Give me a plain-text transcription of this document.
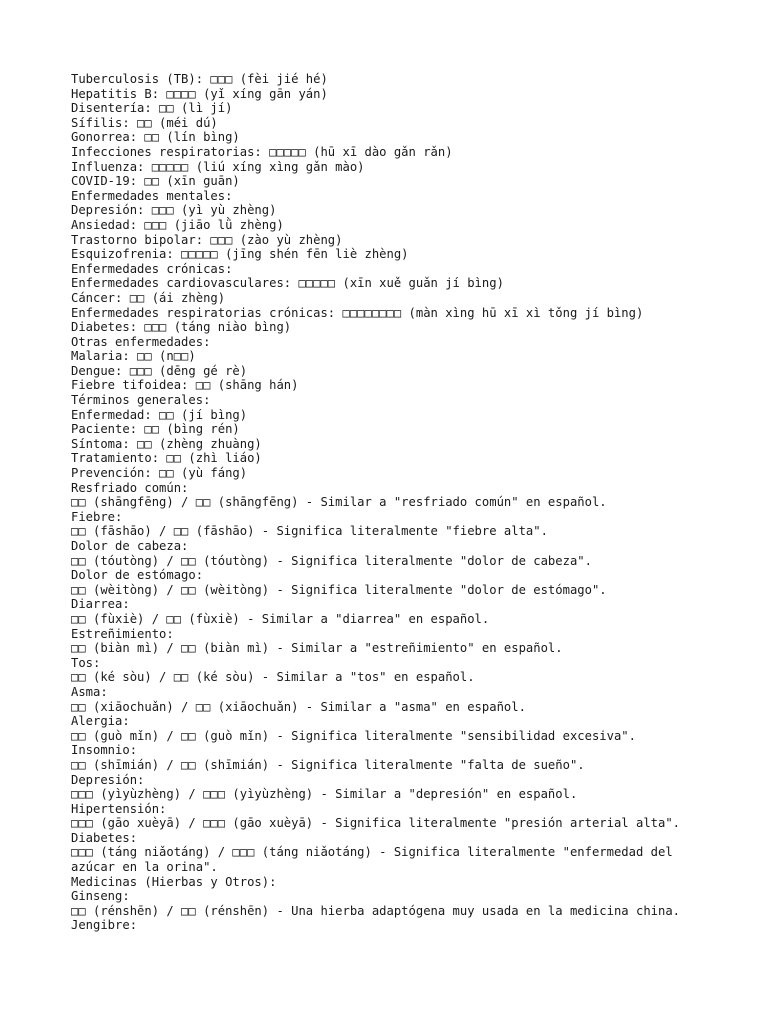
Tuberculosis (TB): □□□ (fèi jié hé)
Hepatitis B: □□□□ (yǐ xíng gān yán)
Disentería: □□ (lì jí)
Sífilis: □□ (méi dú)
Gonorrea: □□ (lín bìng)
Infecciones respiratorias: □□□□□ (hū xī dào gǎn rǎn)
Influenza: □□□□□ (liú xíng xìng gǎn mào)
COVID-19: □□ (xīn guān)
Enfermedades mentales:
Depresión: □□□ (yì yù zhèng)
Ansiedad: □□□ (jiāo lǜ zhèng)
Trastorno bipolar: □□□ (zào yù zhèng)
Esquizofrenia: □□□□□ (jīng shén fēn liè zhèng)
Enfermedades crónicas:
Enfermedades cardiovasculares: □□□□□ (xīn xuě guǎn jí bìng)
Cáncer: □□ (ái zhèng)
Enfermedades respiratorias crónicas: □□□□□□□□ (màn xìng hū xī xì tǒng jí bìng)
Diabetes: □□□ (táng niào bìng)
Otras enfermedades:
Malaria: □□ (n□□)
Dengue: □□□ (dēng gé rè)
Fiebre tifoidea: □□ (shāng hán)
Términos generales:
Enfermedad: □□ (jí bìng)
Paciente: □□ (bìng rén)
Síntoma: □□ (zhèng zhuàng)
Tratamiento: □□ (zhì liáo)
Prevención: □□ (yù fáng)
Resfriado común:
□□ (shāngfēng) / □□ (shāngfēng) - Similar a "resfriado común" en español.
Fiebre:
□□ (fāshāo) / □□ (fāshāo) - Significa literalmente "fiebre alta".
Dolor de cabeza:
□□ (tóutòng) / □□ (tóutòng) - Significa literalmente "dolor de cabeza".
Dolor de estómago:
□□ (wèitòng) / □□ (wèitòng) - Significa literalmente "dolor de estómago".
Diarrea:
□□ (fùxiè) / □□ (fùxiè) - Similar a "diarrea" en español.
Estreñimiento:
□□ (biàn mì) / □□ (biàn mì) - Similar a "estreñimiento" en español.
Tos:
□□ (ké sòu) / □□ (ké sòu) - Similar a "tos" en español.
Asma:
□□ (xiāochuǎn) / □□ (xiāochuǎn) - Similar a "asma" en español.
Alergia:
□□ (guò mǐn) / □□ (guò mǐn) - Significa literalmente "sensibilidad excesiva".
Insomnio:
□□ (shīmián) / □□ (shīmián) - Significa literalmente "falta de sueño".
Depresión:
□□□ (yìyùzhèng) / □□□ (yìyùzhèng) - Similar a "depresión" en español.
Hipertensión:
□□□ (gāo xuèyā) / □□□ (gāo xuèyā) - Significa literalmente "presión arterial alta".
Diabetes:
□□□ (táng niǎotáng) / □□□ (táng niǎotáng) - Significa literalmente "enfermedad del
azúcar en la orina".
Medicinas (Hierbas y Otros):
Ginseng:
□□ (rénshēn) / □□ (rénshēn) - Una hierba adaptógena muy usada en la medicina china.
Jengibre:
